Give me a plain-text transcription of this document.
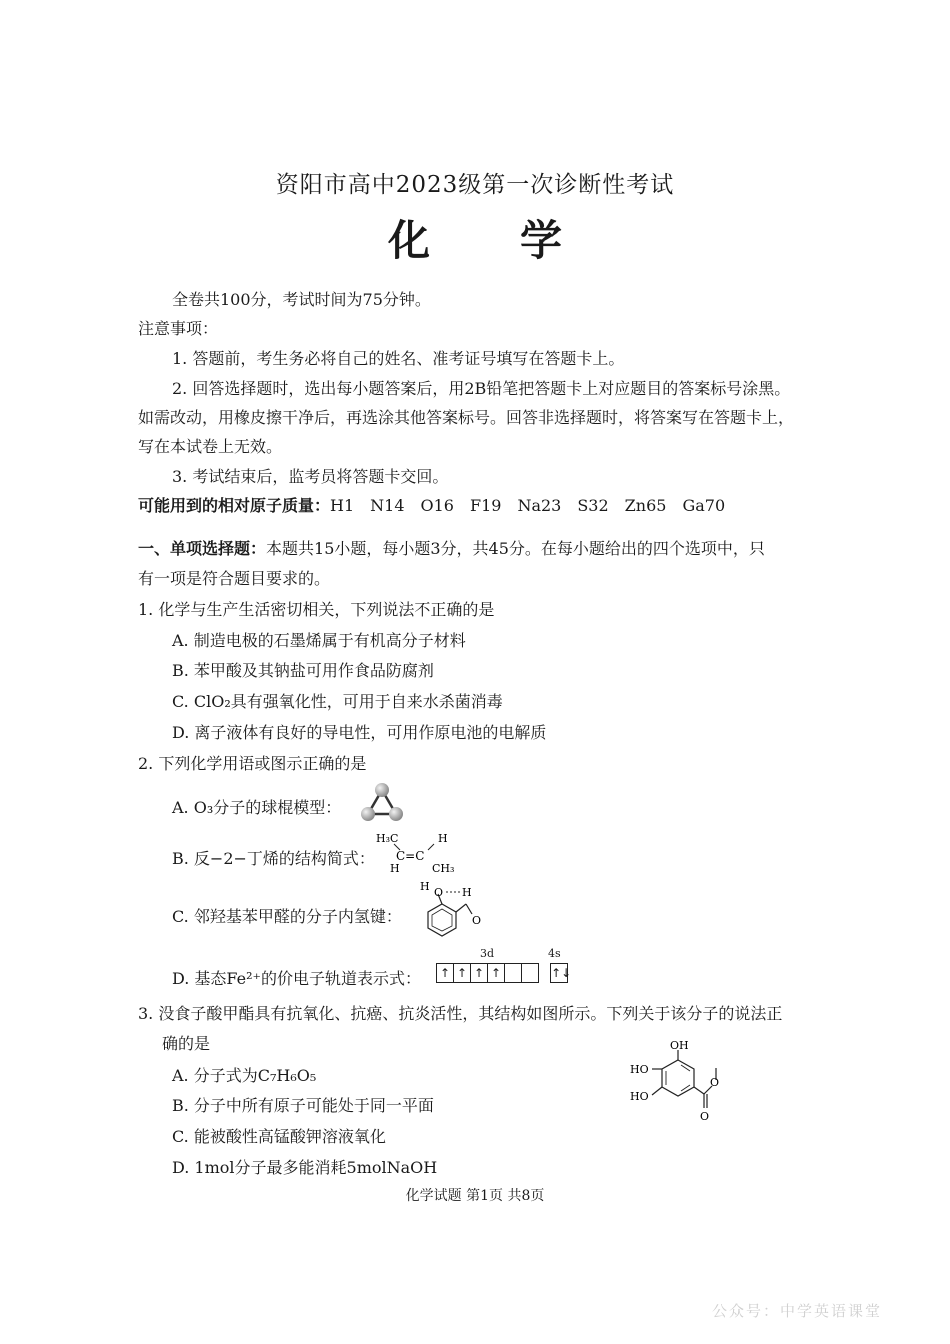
资阳市高中2023级第一次诊断性考试
化学
全卷共100分，考试时间为75分钟。
注意事项：
1. 答题前，考生务必将自己的姓名、准考证号填写在答题卡上。
2. 回答选择题时，选出每小题答案后，用2B铅笔把答题卡上对应题目的答案标号涂黑。
如需改动，用橡皮擦干净后，再选涂其他答案标号。回答非选择题时，将答案写在答题卡上，
写在本试卷上无效。
3. 考试结束后，监考员将答题卡交回。
可能用到的相对原子质量：H1　N14　O16　F19　Na23　S32　Zn65　Ga70
一、单项选择题：本题共15小题，每小题3分，共45分。在每小题给出的四个选项中，只
有一项是符合题目要求的。
1. 化学与生产生活密切相关，下列说法不正确的是
A. 制造电极的石墨烯属于有机高分子材料
B. 苯甲酸及其钠盐可用作食品防腐剂
C. ClO₂具有强氧化性，可用于自来水杀菌消毒
D. 离子液体有良好的导电性，可用作原电池的电解质
2. 下列化学用语或图示正确的是
A. O₃分子的球棍模型：
B. 反−2−丁烯的结构简式：
H₃C	H
C=C
H	CH₃
C. 邻羟基苯甲醛的分子内氢键：
H O H
O
D. 基态Fe²⁺的价电子轨道表示式：
3d	4s
↑ ↑ ↑ ↑
	↑↓
3. 没食子酸甲酯具有抗氧化、抗癌、抗炎活性，其结构如图所示。下列关于该分子的说法正
确的是
A. 分子式为C₇H₆O₅
B. 分子中所有原子可能处于同一平面
C. 能被酸性高锰酸钾溶液氧化
D. 1mol分子最多能消耗5molNaOH
OH
HO
HO
O
O
化学试题 第1页 共8页
公众号：中学英语课堂
